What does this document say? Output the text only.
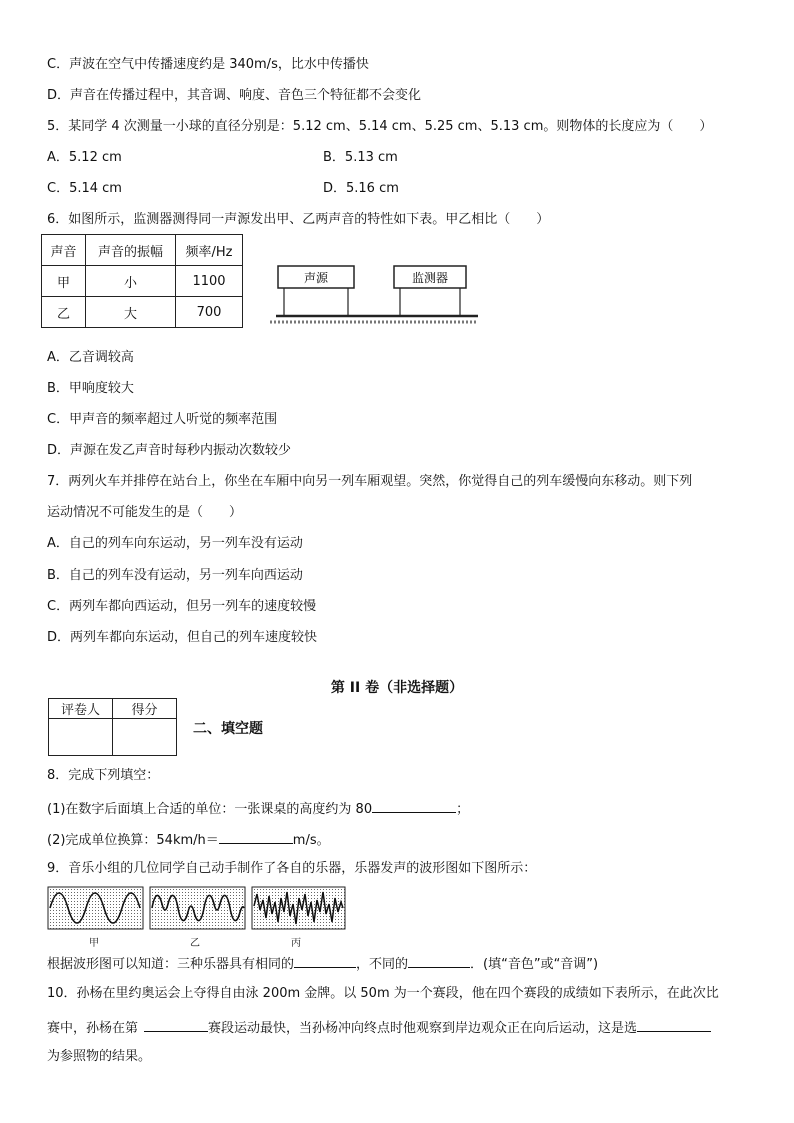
C．声波在空气中传播速度约是 340m/s，比水中传播快
D．声音在传播过程中，其音调、响度、音色三个特征都不会变化
5．某同学 4 次测量一小球的直径分别是：5.12 cm、5.14 cm、5.25 cm、5.13 cm。则物体的长度应为（　　）
A．5.12 cm	B．5.13 cm
C．5.14 cm	D．5.16 cm
6．如图所示，监测器测得同一声源发出甲、乙两声音的特性如下表。甲乙相比（　　）
声音	声音的振幅	频率/Hz
甲	小	1100
乙	大	700
声源	监测器
A．乙音调较高
B．甲响度较大
C．甲声音的频率超过人听觉的频率范围
D．声源在发乙声音时每秒内振动次数较少
7．两列火车并排停在站台上，你坐在车厢中向另一列车厢观望。突然，你觉得自己的列车缓慢向东移动。则下列
运动情况不可能发生的是（　　）
A．自己的列车向东运动，另一列车没有运动
B．自己的列车没有运动，另一列车向西运动
C．两列车都向西运动，但另一列车的速度较慢
D．两列车都向东运动，但自己的列车速度较快
第 II 卷（非选择题）
评卷人	得分

二、填空题
8．完成下列填空：
(1)在数字后面填上合适的单位：一张课桌的高度约为 80	；
(2)完成单位换算：54km/h＝	m/s。
9．音乐小组的几位同学自己动手制作了各自的乐器，乐器发声的波形图如下图所示：
甲	乙	丙
根据波形图可以知道：三种乐器具有相同的	，不同的	．(填“音色”或“音调”)
10．孙杨在里约奥运会上夺得自由泳 200m 金牌。以 50m 为一个赛段，他在四个赛段的成绩如下表所示，在此次比
赛中，孙杨在第	赛段运动最快，当孙杨冲向终点时他观察到岸边观众正在向后运动，这是选
为参照物的结果。
